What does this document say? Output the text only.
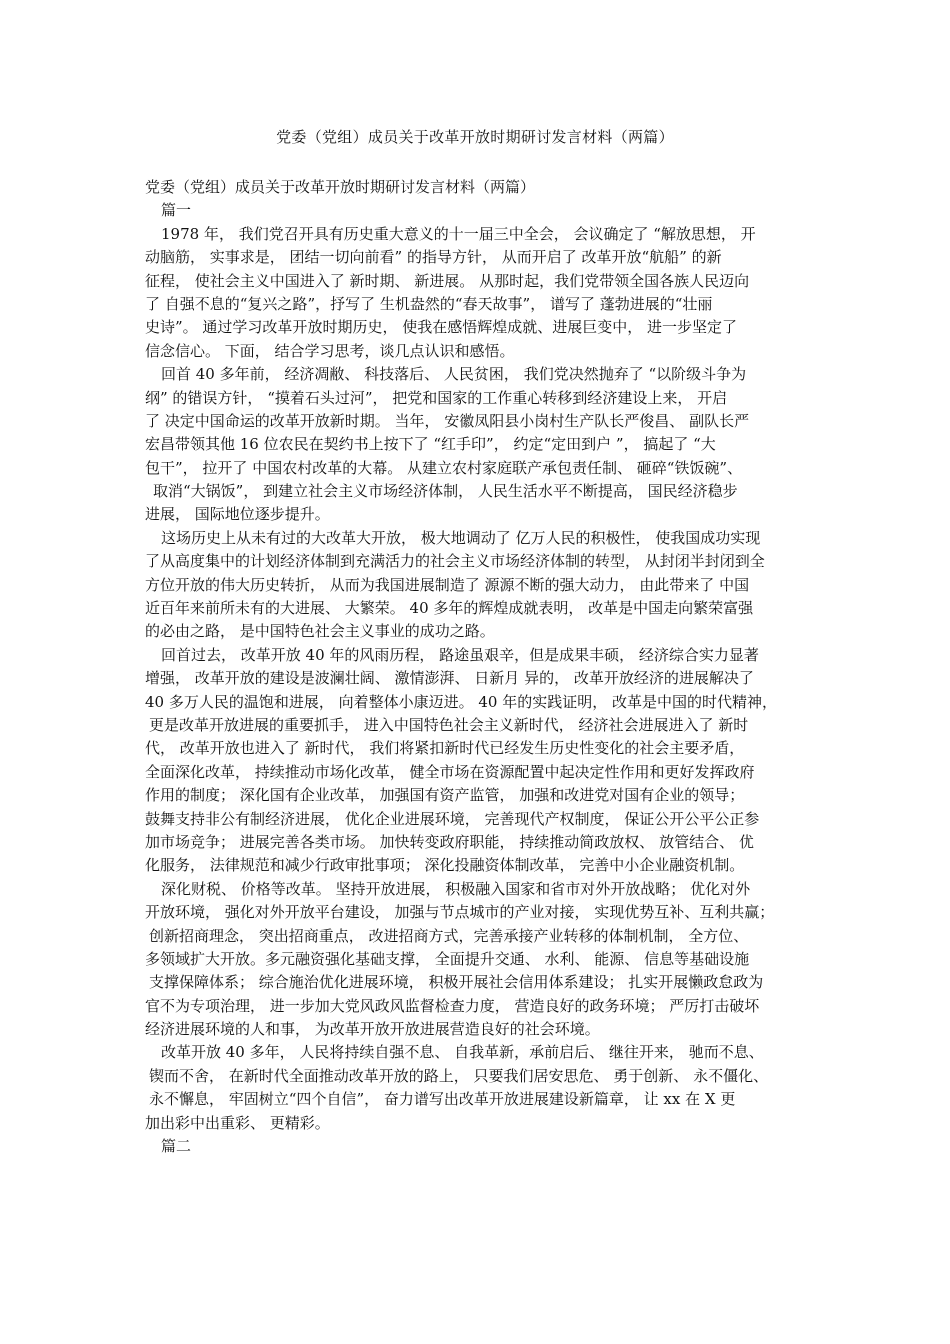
党委（党组）成员关于改革开放时期研讨发言材料（两篇）
党委（党组）成员关于改革开放时期研讨发言材料（两篇）
篇一
1978 年， 我们党召开具有历史重大意义的十一届三中全会， 会议确定了 “解放思想， 开
动脑筋， 实事求是， 团结一切向前看” 的指导方针， 从而开启了 改革开放“航船” 的新
征程， 使社会主义中国进入了 新时期、 新进展。 从那时起，我们党带领全国各族人民迈向
了 自强不息的“复兴之路”，抒写了 生机盎然的“春天故事”， 谱写了 蓬勃进展的“壮丽
史诗”。 通过学习改革开放时期历史， 使我在感悟辉煌成就、进展巨变中， 进一步坚定了
信念信心。 下面， 结合学习思考，谈几点认识和感悟。
回首 40 多年前， 经济凋敝、 科技落后、 人民贫困， 我们党决然抛弃了 “以阶级斗争为
纲” 的错误方针， “摸着石头过河”， 把党和国家的工作重心转移到经济建设上来， 开启
了 决定中国命运的改革开放新时期。 当年， 安徽凤阳县小岗村生产队长严俊昌、 副队长严
宏昌带领其他 16 位农民在契约书上按下了 “红手印”， 约定“定田到户 ”， 搞起了 “大
包干”， 拉开了 中国农村改革的大幕。 从建立农村家庭联产承包责任制、 砸碎“铁饭碗”、
取消“大锅饭”， 到建立社会主义市场经济体制， 人民生活水平不断提高， 国民经济稳步
进展， 国际地位逐步提升。
这场历史上从未有过的大改革大开放， 极大地调动了 亿万人民的积极性， 使我国成功实现
了从高度集中的计划经济体制到充满活力的社会主义市场经济体制的转型， 从封闭半封闭到全
方位开放的伟大历史转折， 从而为我国进展制造了 源源不断的强大动力， 由此带来了 中国
近百年来前所未有的大进展、 大繁荣。 40 多年的辉煌成就表明， 改革是中国走向繁荣富强
的必由之路， 是中国特色社会主义事业的成功之路。
回首过去， 改革开放 40 年的风雨历程， 路途虽艰辛，但是成果丰硕， 经济综合实力显著
增强， 改革开放的建设是波澜壮阔、 激情澎湃、 日新月 异的， 改革开放经济的进展解决了
40 多万人民的温饱和进展， 向着整体小康迈进。 40 年的实践证明， 改革是中国的时代精神，
更是改革开放进展的重要抓手， 进入中国特色社会主义新时代， 经济社会进展进入了 新时
代， 改革开放也进入了 新时代， 我们将紧扣新时代已经发生历史性变化的社会主要矛盾，
全面深化改革， 持续推动市场化改革， 健全市场在资源配置中起决定性作用和更好发挥政府
作用的制度； 深化国有企业改革， 加强国有资产监管， 加强和改进党对国有企业的领导；
鼓舞支持非公有制经济进展， 优化企业进展环境， 完善现代产权制度， 保证公开公平公正参
加市场竞争； 进展完善各类市场。 加快转变政府职能， 持续推动简政放权、 放管结合、 优
化服务， 法律规范和减少行政审批事项； 深化投融资体制改革， 完善中小企业融资机制。
深化财税、 价格等改革。 坚持开放进展， 积极融入国家和省市对外开放战略； 优化对外
开放环境， 强化对外开放平台建设， 加强与节点城市的产业对接， 实现优势互补、互利共赢；
创新招商理念， 突出招商重点， 改进招商方式，完善承接产业转移的体制机制， 全方位、
多领域扩大开放。多元融资强化基础支撑， 全面提升交通、 水利、 能源、 信息等基础设施
支撑保障体系； 综合施治优化进展环境， 积极开展社会信用体系建设； 扎实开展懒政怠政为
官不为专项治理， 进一步加大党风政风监督检查力度， 营造良好的政务环境； 严厉打击破坏
经济进展环境的人和事， 为改革开放开放进展营造良好的社会环境。
改革开放 40 多年， 人民将持续自强不息、 自我革新，承前启后、 继往开来， 驰而不息、
锲而不舍， 在新时代全面推动改革开放的路上， 只要我们居安思危、 勇于创新、 永不僵化、
永不懈息， 牢固树立“四个自信”， 奋力谱写出改革开放进展建设新篇章， 让 xx 在 X 更
加出彩中出重彩、 更精彩。
篇二
